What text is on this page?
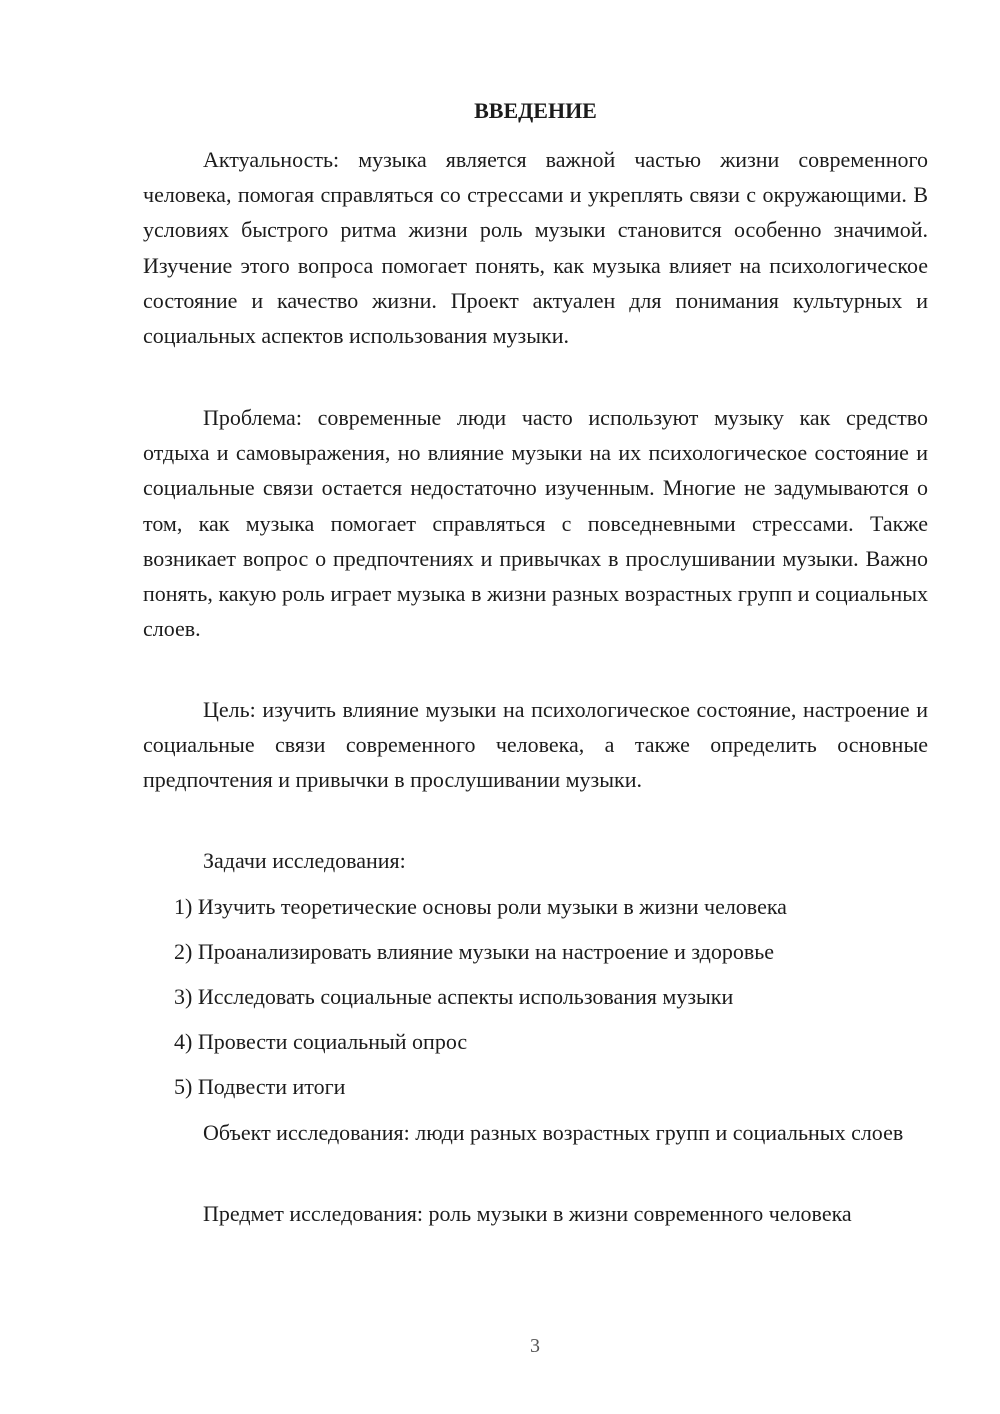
ВВЕДЕНИЕ

Актуальность: музыка является важной частью жизни современного человека, помогая справляться со стрессами и укреплять связи с окружающими. В условиях быстрого ритма жизни роль музыки становится особенно значимой. Изучение этого вопроса помогает понять, как музыка влияет на психологическое состояние и качество жизни. Проект актуален для понимания культурных и социальных аспектов использования музыки.

Проблема: современные люди часто используют музыку как средство отдыха и самовыражения, но влияние музыки на их психологическое состояние и социальные связи остается недостаточно изученным. Многие не задумываются о том, как музыка помогает справляться с повседневными стрессами. Также возникает вопрос о предпочтениях и привычках в прослушивании музыки. Важно понять, какую роль играет музыка в жизни разных возрастных групп и социальных слоев.

Цель: изучить влияние музыки на психологическое состояние, настроение и социальные связи современного человека, а также определить основные предпочтения и привычки в прослушивании музыки.

Задачи исследования:

1) Изучить теоретические основы роли музыки в жизни человека

2) Проанализировать влияние музыки на настроение и здоровье

3) Исследовать социальные аспекты использования музыки

4) Провести социальный опрос

5) Подвести итоги

Объект исследования: люди разных возрастных групп и социальных слоев

Предмет исследования: роль музыки в жизни современного человека

3
